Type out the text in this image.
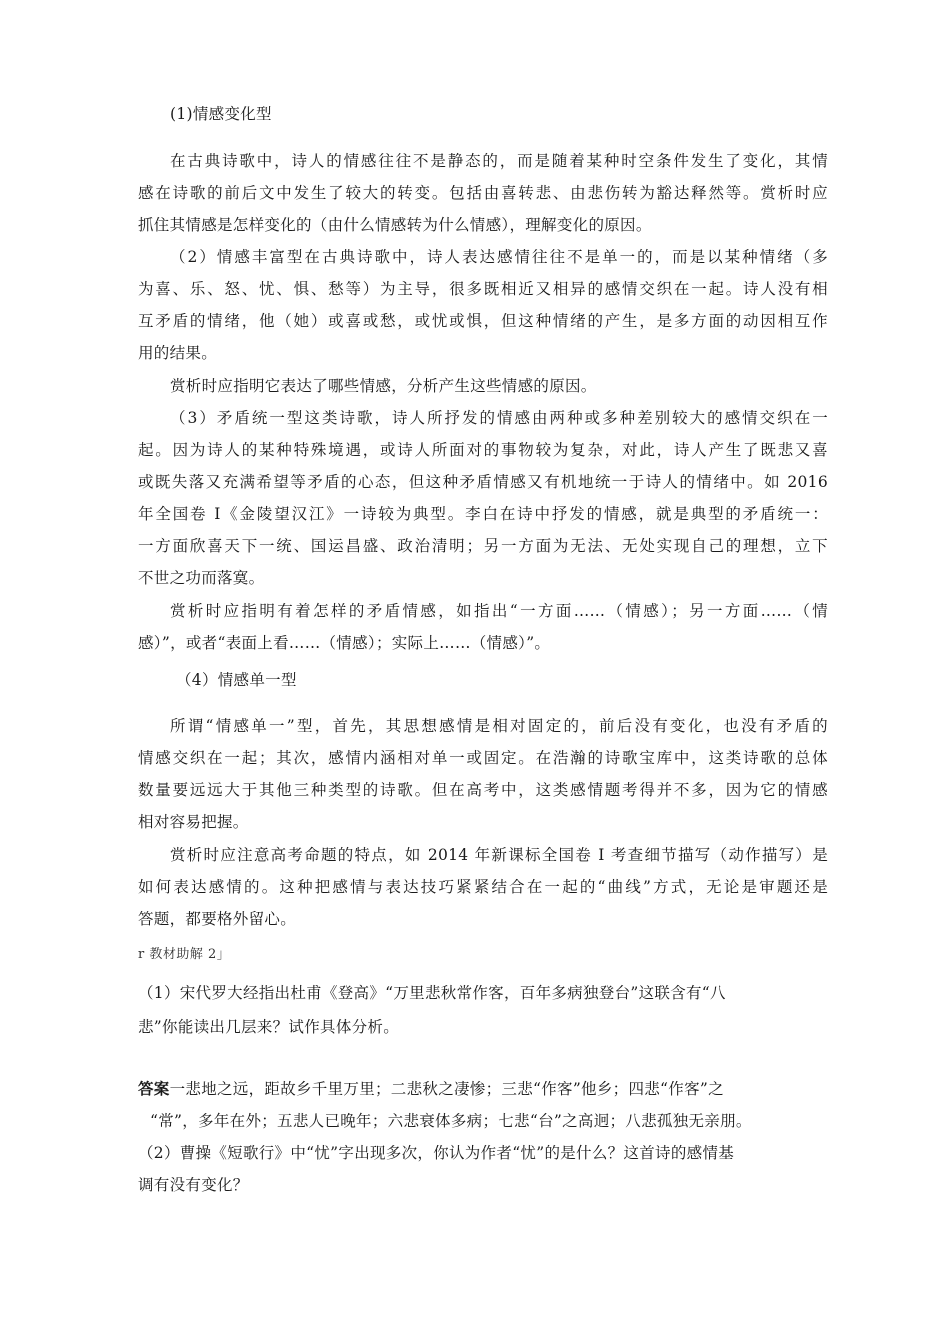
(1)情感变化型
在古典诗歌中，诗人的情感往往不是静态的，而是随着某种时空条件发生了变化，其情
感在诗歌的前后文中发生了较大的转变。包括由喜转悲、由悲伤转为豁达释然等。赏析时应
抓住其情感是怎样变化的（由什么情感转为什么情感），理解变化的原因。
（2）情感丰富型在古典诗歌中，诗人表达感情往往不是单一的，而是以某种情绪（多
为喜、乐、怒、忧、惧、愁等）为主导，很多既相近又相异的感情交织在一起。诗人没有相
互矛盾的情绪，他（她）或喜或愁，或忧或惧，但这种情绪的产生，是多方面的动因相互作
用的结果。
赏析时应指明它表达了哪些情感，分析产生这些情感的原因。
（3）矛盾统一型这类诗歌，诗人所抒发的情感由两种或多种差别较大的感情交织在一
起。因为诗人的某种特殊境遇，或诗人所面对的事物较为复杂，对此，诗人产生了既悲又喜
或既失落又充满希望等矛盾的心态，但这种矛盾情感又有机地统一于诗人的情绪中。如 2016
年全国卷 I《金陵望汉江》一诗较为典型。李白在诗中抒发的情感，就是典型的矛盾统一：
一方面欣喜天下一统、国运昌盛、政治清明；另一方面为无法、无处实现自己的理想，立下
不世之功而落寞。
赏析时应指明有着怎样的矛盾情感，如指出“一方面……（情感）；另一方面……（情
感）”，或者“表面上看……（情感）；实际上……（情感）”。
（4）情感单一型
所谓“情感单一”型，首先，其思想感情是相对固定的，前后没有变化，也没有矛盾的
情感交织在一起；其次，感情内涵相对单一或固定。在浩瀚的诗歌宝库中，这类诗歌的总体
数量要远远大于其他三种类型的诗歌。但在高考中，这类感情题考得并不多，因为它的情感
相对容易把握。
赏析时应注意高考命题的特点，如 2014 年新课标全国卷 I 考查细节描写（动作描写）是
如何表达感情的。这种把感情与表达技巧紧紧结合在一起的“曲线”方式，无论是审题还是
答题，都要格外留心。
r 教材助解 2」
（1）宋代罗大经指出杜甫《登高》“万里悲秋常作客，百年多病独登台”这联含有“八
悲”你能读出几层来？试作具体分析。
答案一悲地之远，距故乡千里万里；二悲秋之凄惨；三悲“作客”他乡；四悲“作客”之
“常”，多年在外；五悲人已晚年；六悲衰体多病；七悲“台”之高迥；八悲孤独无亲朋。
（2）曹操《短歌行》中“忧”字出现多次，你认为作者“忧”的是什么？这首诗的感情基
调有没有变化？
